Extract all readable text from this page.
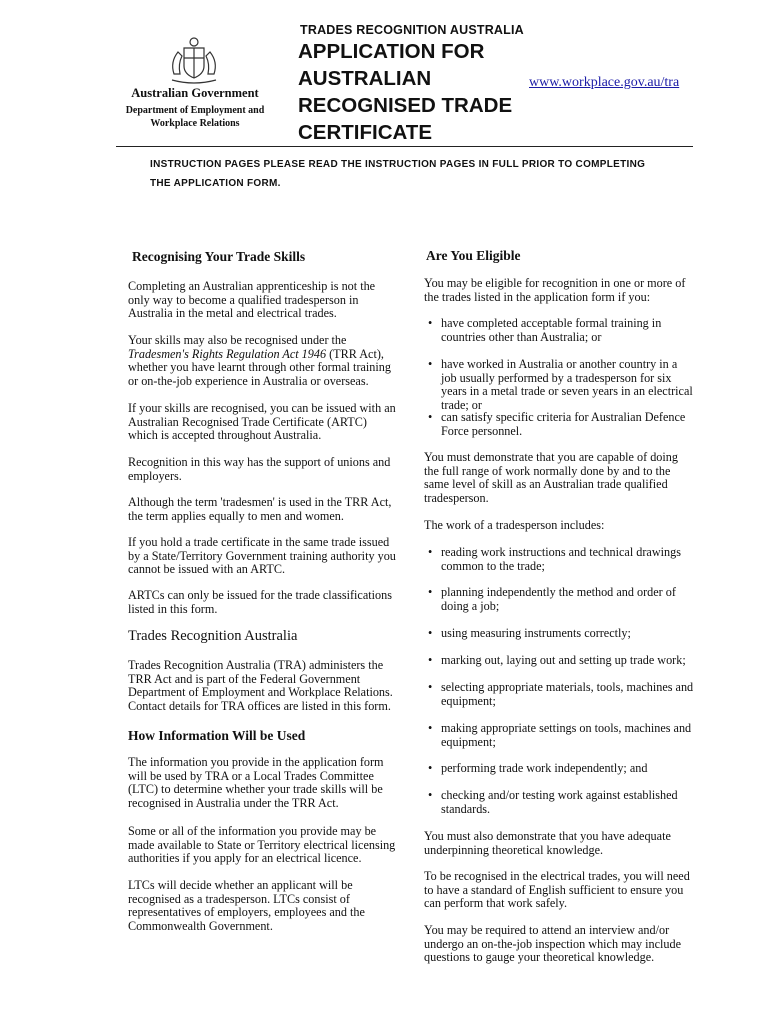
Australian Government
Department of Employment and
Workplace Relations
TRADES RECOGNITION AUSTRALIA
APPLICATION FOR
AUSTRALIAN
RECOGNISED TRADE
CERTIFICATE
www.workplace.gov.au/tra
INSTRUCTION PAGES PLEASE READ THE INSTRUCTION PAGES IN FULL PRIOR TO COMPLETING
THE APPLICATION FORM.
Recognising Your Trade Skills

Completing an Australian apprenticeship is not the only way to become a qualified tradesperson in Australia in the metal and electrical trades.

Your skills may also be recognised under the Tradesmen's Rights Regulation Act 1946 (TRR Act), whether you have learnt through other formal training or on-the-job experience in Australia or overseas.

If your skills are recognised, you can be issued with an Australian Recognised Trade Certificate (ARTC) which is accepted throughout Australia.

Recognition in this way has the support of unions and employers.

Although the term 'tradesmen' is used in the TRR Act, the term applies equally to men and women.

If you hold a trade certificate in the same trade issued by a State/Territory Government training authority you cannot be issued with an ARTC.

ARTCs can only be issued for the trade classifications listed in this form.

Trades Recognition Australia

Trades Recognition Australia (TRA) administers the TRR Act and is part of the Federal Government Department of Employment and Workplace Relations. Contact details for TRA offices are listed in this form.

How Information Will be Used

The information you provide in the application form will be used by TRA or a Local Trades Committee (LTC) to determine whether your trade skills will be recognised in Australia under the TRR Act.

Some or all of the information you provide may be made available to State or Territory electrical licensing authorities if you apply for an electrical licence.

LTCs will decide whether an applicant will be recognised as a tradesperson. LTCs consist of representatives of employers, employees and the Commonwealth Government.

Are You Eligible

You may be eligible for recognition in one or more of the trades listed in the application form if you:

• have completed acceptable formal training in countries other than Australia; or
• have worked in Australia or another country in a job usually performed by a tradesperson for six years in a metal trade or seven years in an electrical trade; or
• can satisfy specific criteria for Australian Defence Force personnel.

You must demonstrate that you are capable of doing the full range of work normally done by and to the same level of skill as an Australian trade qualified tradesperson.

The work of a tradesperson includes:

• reading work instructions and technical drawings common to the trade;
• planning independently the method and order of doing a job;
• using measuring instruments correctly;
• marking out, laying out and setting up trade work;
• selecting appropriate materials, tools, machines and equipment;
• making appropriate settings on tools, machines and equipment;
• performing trade work independently; and
• checking and/or testing work against established standards.

You must also demonstrate that you have adequate underpinning theoretical knowledge.

To be recognised in the electrical trades, you will need to have a standard of English sufficient to ensure you can perform that work safely.

You may be required to attend an interview and/or undergo an on-the-job inspection which may include questions to gauge your theoretical knowledge.
